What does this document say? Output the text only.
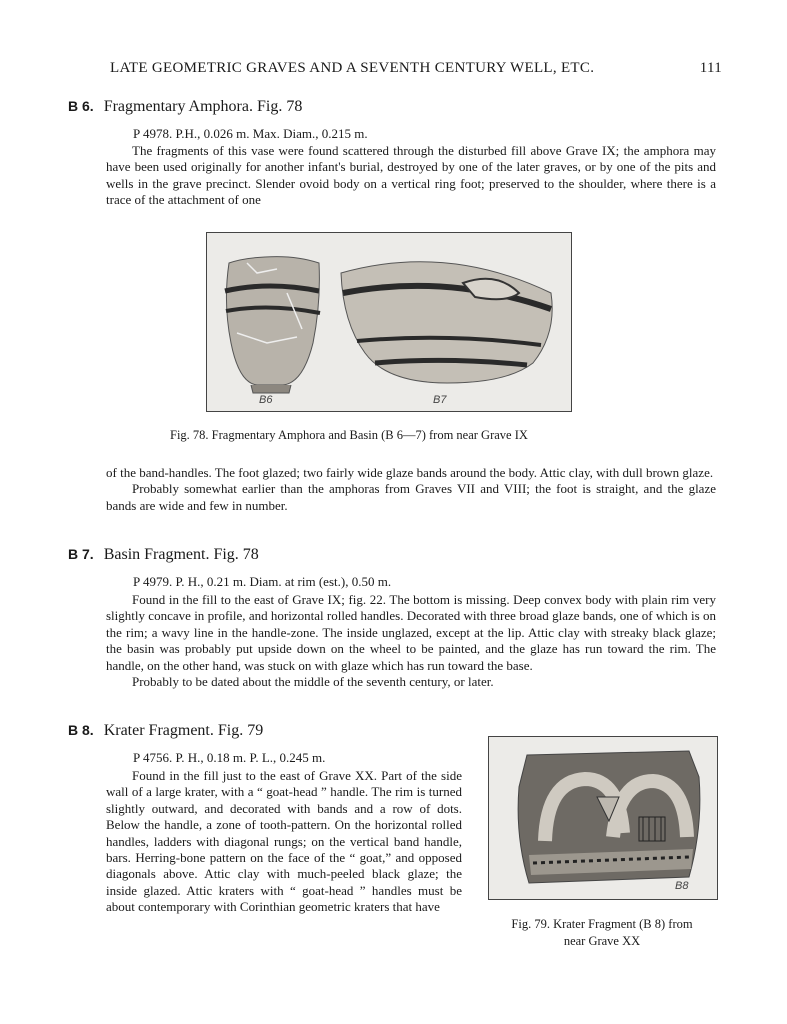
LATE GEOMETRIC GRAVES AND A SEVENTH CENTURY WELL, ETC.	111
B 6. Fragmentary Amphora. Fig. 78
P 4978. P.H., 0.026 m. Max. Diam., 0.215 m.

The fragments of this vase were found scattered through the disturbed fill above Grave IX; the amphora may have been used originally for another infant's burial, destroyed by one of the later graves, or by one of the pits and wells in the grave precinct. Slender ovoid body on a vertical ring foot; preserved to the shoulder, where there is a trace of the attachment of one

B6	B7
Fig. 78. Fragmentary Amphora and Basin (B 6—7) from near Grave IX

of the band-handles. The foot glazed; two fairly wide glaze bands around the body. Attic clay, with dull brown glaze.

Probably somewhat earlier than the amphoras from Graves VII and VIII; the foot is straight, and the glaze bands are wide and few in number.

B 7. Basin Fragment. Fig. 78
P 4979. P. H., 0.21 m. Diam. at rim (est.), 0.50 m.

Found in the fill to the east of Grave IX; fig. 22. The bottom is missing. Deep convex body with plain rim very slightly concave in profile, and horizontal rolled handles. Decorated with three broad glaze bands, one of which is on the rim; a wavy line in the handle-zone. The inside unglazed, except at the lip. Attic clay with streaky black glaze; the basin was probably put upside down on the wheel to be painted, and the glaze has run toward the rim. The handle, on the other hand, was stuck on with glaze which has run toward the base.

Probably to be dated about the middle of the seventh century, or later.

B 8. Krater Fragment. Fig. 79
P 4756. P. H., 0.18 m. P. L., 0.245 m.

Found in the fill just to the east of Grave XX. Part of the side wall of a large krater, with a “ goat-head ” handle. The rim is turned slightly outward, and decorated with bands and a row of dots. Below the handle, a zone of tooth-pattern. On the horizontal rolled handles, ladders with diagonal rungs; on the vertical band handle, bars. Herring-bone pattern on the face of the “ goat,” and opposed diagonals above. Attic clay with much-peeled black glaze; the inside glazed. Attic kraters with “ goat-head ” handles must be about contemporary with Corinthian geometric kraters that have

B8
Fig. 79. Krater Fragment (B 8) from
near Grave XX
